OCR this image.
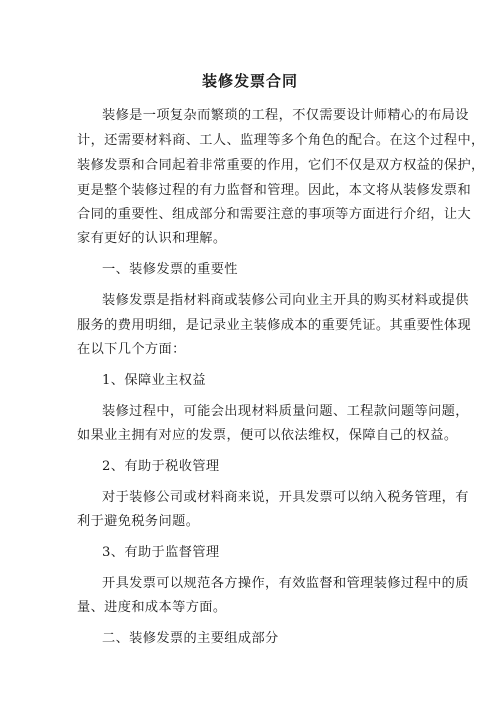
装修发票合同
装修是一项复杂而繁琐的工程，不仅需要设计师精心的布局设
计，还需要材料商、工人、监理等多个角色的配合。在这个过程中，
装修发票和合同起着非常重要的作用，它们不仅是双方权益的保护，
更是整个装修过程的有力监督和管理。因此，本文将从装修发票和
合同的重要性、组成部分和需要注意的事项等方面进行介绍，让大
家有更好的认识和理解。
一、装修发票的重要性
装修发票是指材料商或装修公司向业主开具的购买材料或提供
服务的费用明细，是记录业主装修成本的重要凭证。其重要性体现
在以下几个方面：
1、保障业主权益
装修过程中，可能会出现材料质量问题、工程款问题等问题，
如果业主拥有对应的发票，便可以依法维权，保障自己的权益。
2、有助于税收管理
对于装修公司或材料商来说，开具发票可以纳入税务管理，有
利于避免税务问题。
3、有助于监督管理
开具发票可以规范各方操作，有效监督和管理装修过程中的质
量、进度和成本等方面。
二、装修发票的主要组成部分
